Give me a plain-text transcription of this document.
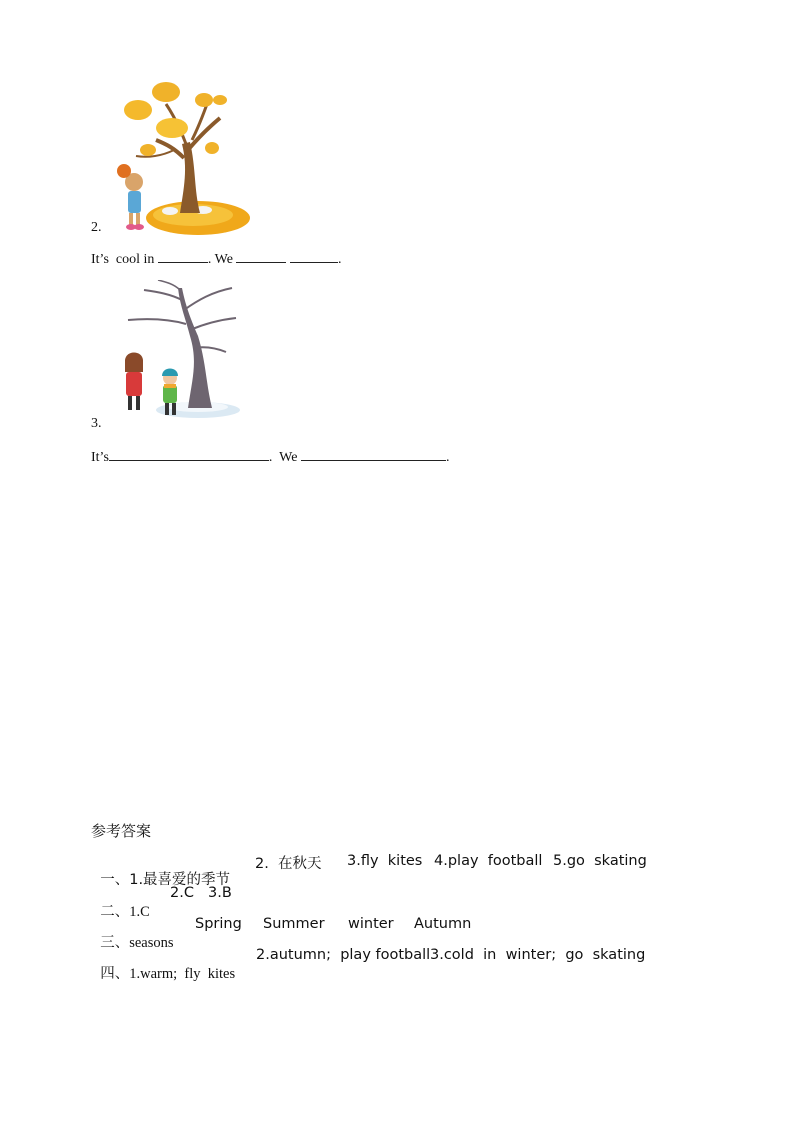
2.
It’s  cool in	. We	.
3.
It’s	.  We	.
参考答案

一、1.最喜爱的季节

2.  在秋天 3.fly  kites 4.play  football 5.go  skating

二、1.C

2.C 3.B

三、seasons

Spring Summer winter Autumn

四、1.warm;  fly  kites

2.autumn;  play football 3.cold  in  winter;  go  skating
